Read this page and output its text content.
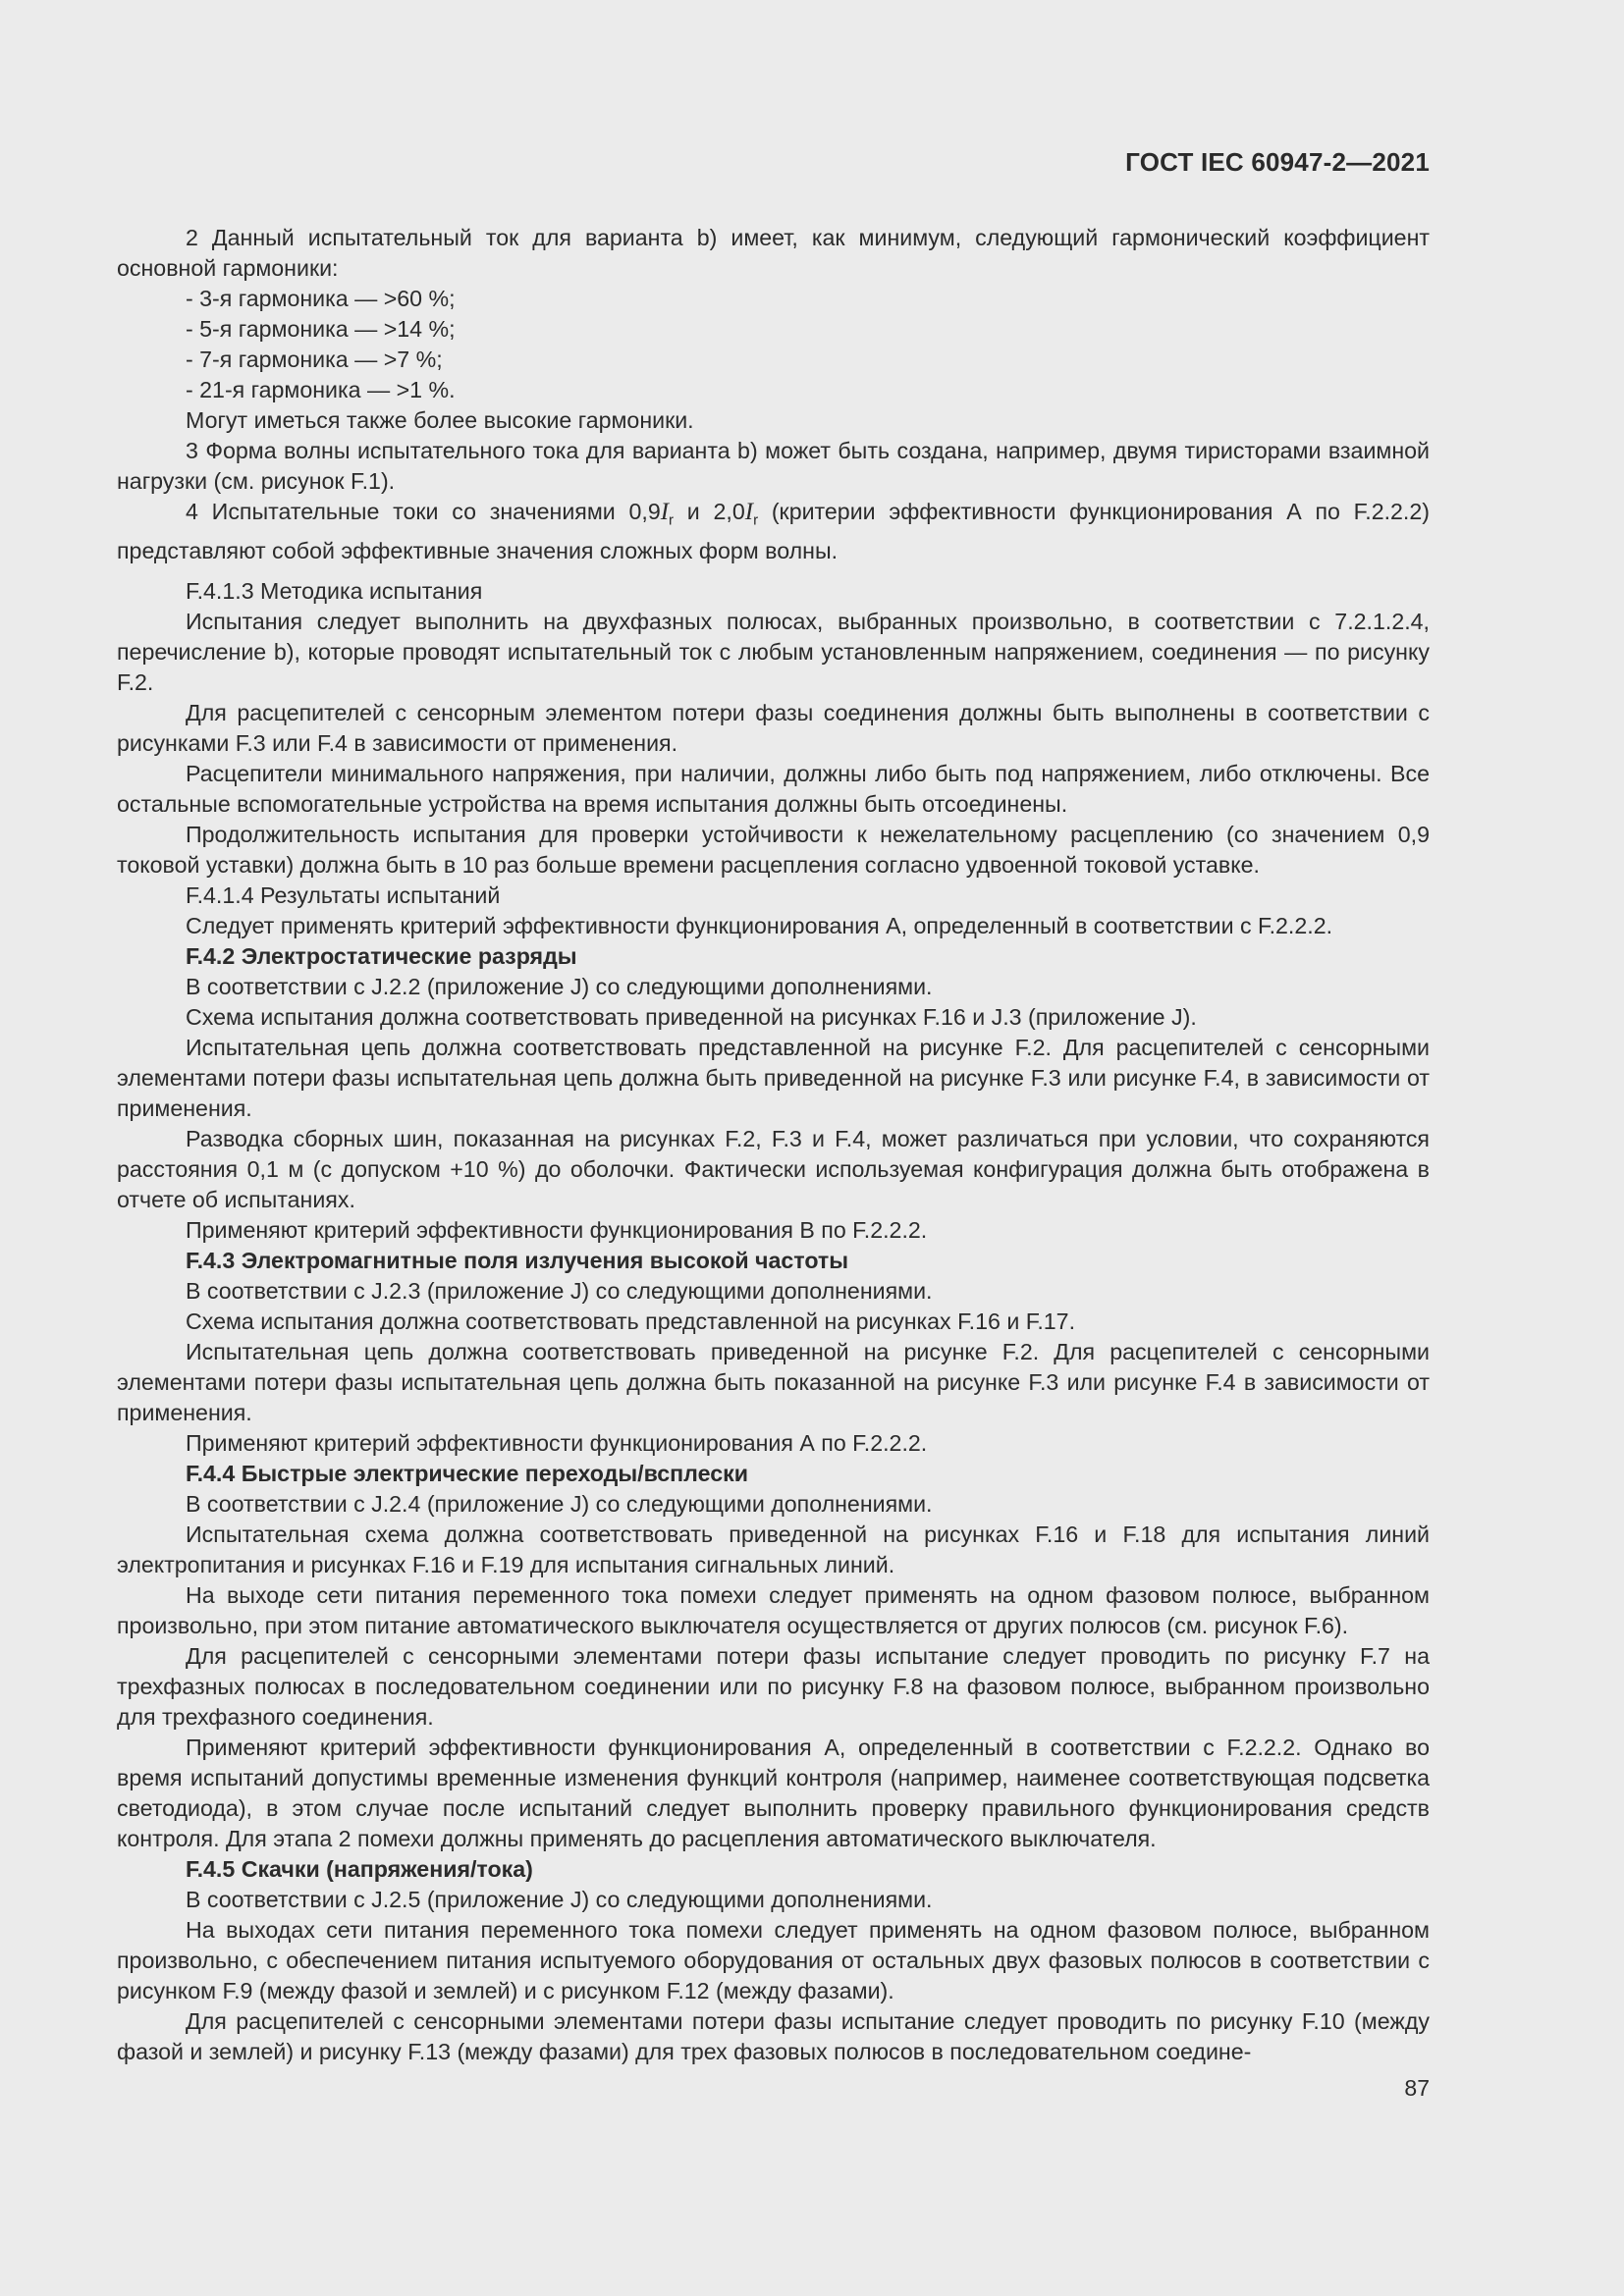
ГОСТ IEC 60947-2—2021

2 Данный испытательный ток для варианта b) имеет, как минимум, следующий гармонический коэффициент основной гармоники:

- 3-я гармоника — >60 %;

- 5-я гармоника — >14 %;

- 7-я гармоника — >7 %;

- 21-я гармоника — >1 %.

Могут иметься также более высокие гармоники.

3 Форма волны испытательного тока для варианта b) может быть создана, например, двумя тиристорами взаимной нагрузки (см. рисунок F.1).

4 Испытательные токи со значениями $0,9I_r$ и $2,0I_r$ (критерии эффективности функционирования А по F.2.2.2) представляют собой эффективные значения сложных форм волны.

F.4.1.3 Методика испытания

Испытания следует выполнить на двухфазных полюсах, выбранных произвольно, в соответствии с 7.2.1.2.4, перечисление b), которые проводят испытательный ток с любым установленным напряжением, соединения — по рисунку F.2.

Для расцепителей с сенсорным элементом потери фазы соединения должны быть выполнены в соответствии с рисунками F.3 или F.4 в зависимости от применения.

Расцепители минимального напряжения, при наличии, должны либо быть под напряжением, либо отключены. Все остальные вспомогательные устройства на время испытания должны быть отсоединены.

Продолжительность испытания для проверки устойчивости к нежелательному расцеплению (со значением 0,9 токовой уставки) должна быть в 10 раз больше времени расцепления согласно удвоенной токовой уставке.

F.4.1.4 Результаты испытаний

Следует применять критерий эффективности функционирования А, определенный в соответствии с F.2.2.2.

F.4.2 Электростатические разряды

В соответствии с J.2.2 (приложение J) со следующими дополнениями.

Схема испытания должна соответствовать приведенной на рисунках F.16 и J.3 (приложение J).

Испытательная цепь должна соответствовать представленной на рисунке F.2. Для расцепителей с сенсорными элементами потери фазы испытательная цепь должна быть приведенной на рисунке F.3 или рисунке F.4, в зависимости от применения.

Разводка сборных шин, показанная на рисунках F.2, F.3 и F.4, может различаться при условии, что сохраняются расстояния 0,1 м (с допуском +10 %) до оболочки. Фактически используемая конфигурация должна быть отображена в отчете об испытаниях.

Применяют критерий эффективности функционирования В по F.2.2.2.

F.4.3 Электромагнитные поля излучения высокой частоты

В соответствии с J.2.3 (приложение J) со следующими дополнениями.

Схема испытания должна соответствовать представленной на рисунках F.16 и F.17.

Испытательная цепь должна соответствовать приведенной на рисунке F.2. Для расцепителей с сенсорными элементами потери фазы испытательная цепь должна быть показанной на рисунке F.3 или рисунке F.4 в зависимости от применения.

Применяют критерий эффективности функционирования А по F.2.2.2.

F.4.4 Быстрые электрические переходы/всплески

В соответствии с J.2.4 (приложение J) со следующими дополнениями.

Испытательная схема должна соответствовать приведенной на рисунках F.16 и F.18 для испытания линий электропитания и рисунках F.16 и F.19 для испытания сигнальных линий.

На выходе сети питания переменного тока помехи следует применять на одном фазовом полюсе, выбранном произвольно, при этом питание автоматического выключателя осуществляется от других полюсов (см. рисунок F.6).

Для расцепителей с сенсорными элементами потери фазы испытание следует проводить по рисунку F.7 на трехфазных полюсах в последовательном соединении или по рисунку F.8 на фазовом полюсе, выбранном произвольно для трехфазного соединения.

Применяют критерий эффективности функционирования А, определенный в соответствии с F.2.2.2. Однако во время испытаний допустимы временные изменения функций контроля (например, наименее соответствующая подсветка светодиода), в этом случае после испытаний следует выполнить проверку правильного функционирования средств контроля. Для этапа 2 помехи должны применять до расцепления автоматического выключателя.

F.4.5 Скачки (напряжения/тока)

В соответствии с J.2.5 (приложение J) со следующими дополнениями.

На выходах сети питания переменного тока помехи следует применять на одном фазовом полюсе, выбранном произвольно, с обеспечением питания испытуемого оборудования от остальных двух фазовых полюсов в соответствии с рисунком F.9 (между фазой и землей) и с рисунком F.12 (между фазами).

Для расцепителей с сенсорными элементами потери фазы испытание следует проводить по рисунку F.10 (между фазой и землей) и рисунку F.13 (между фазами) для трех фазовых полюсов в последовательном соедине-

87
